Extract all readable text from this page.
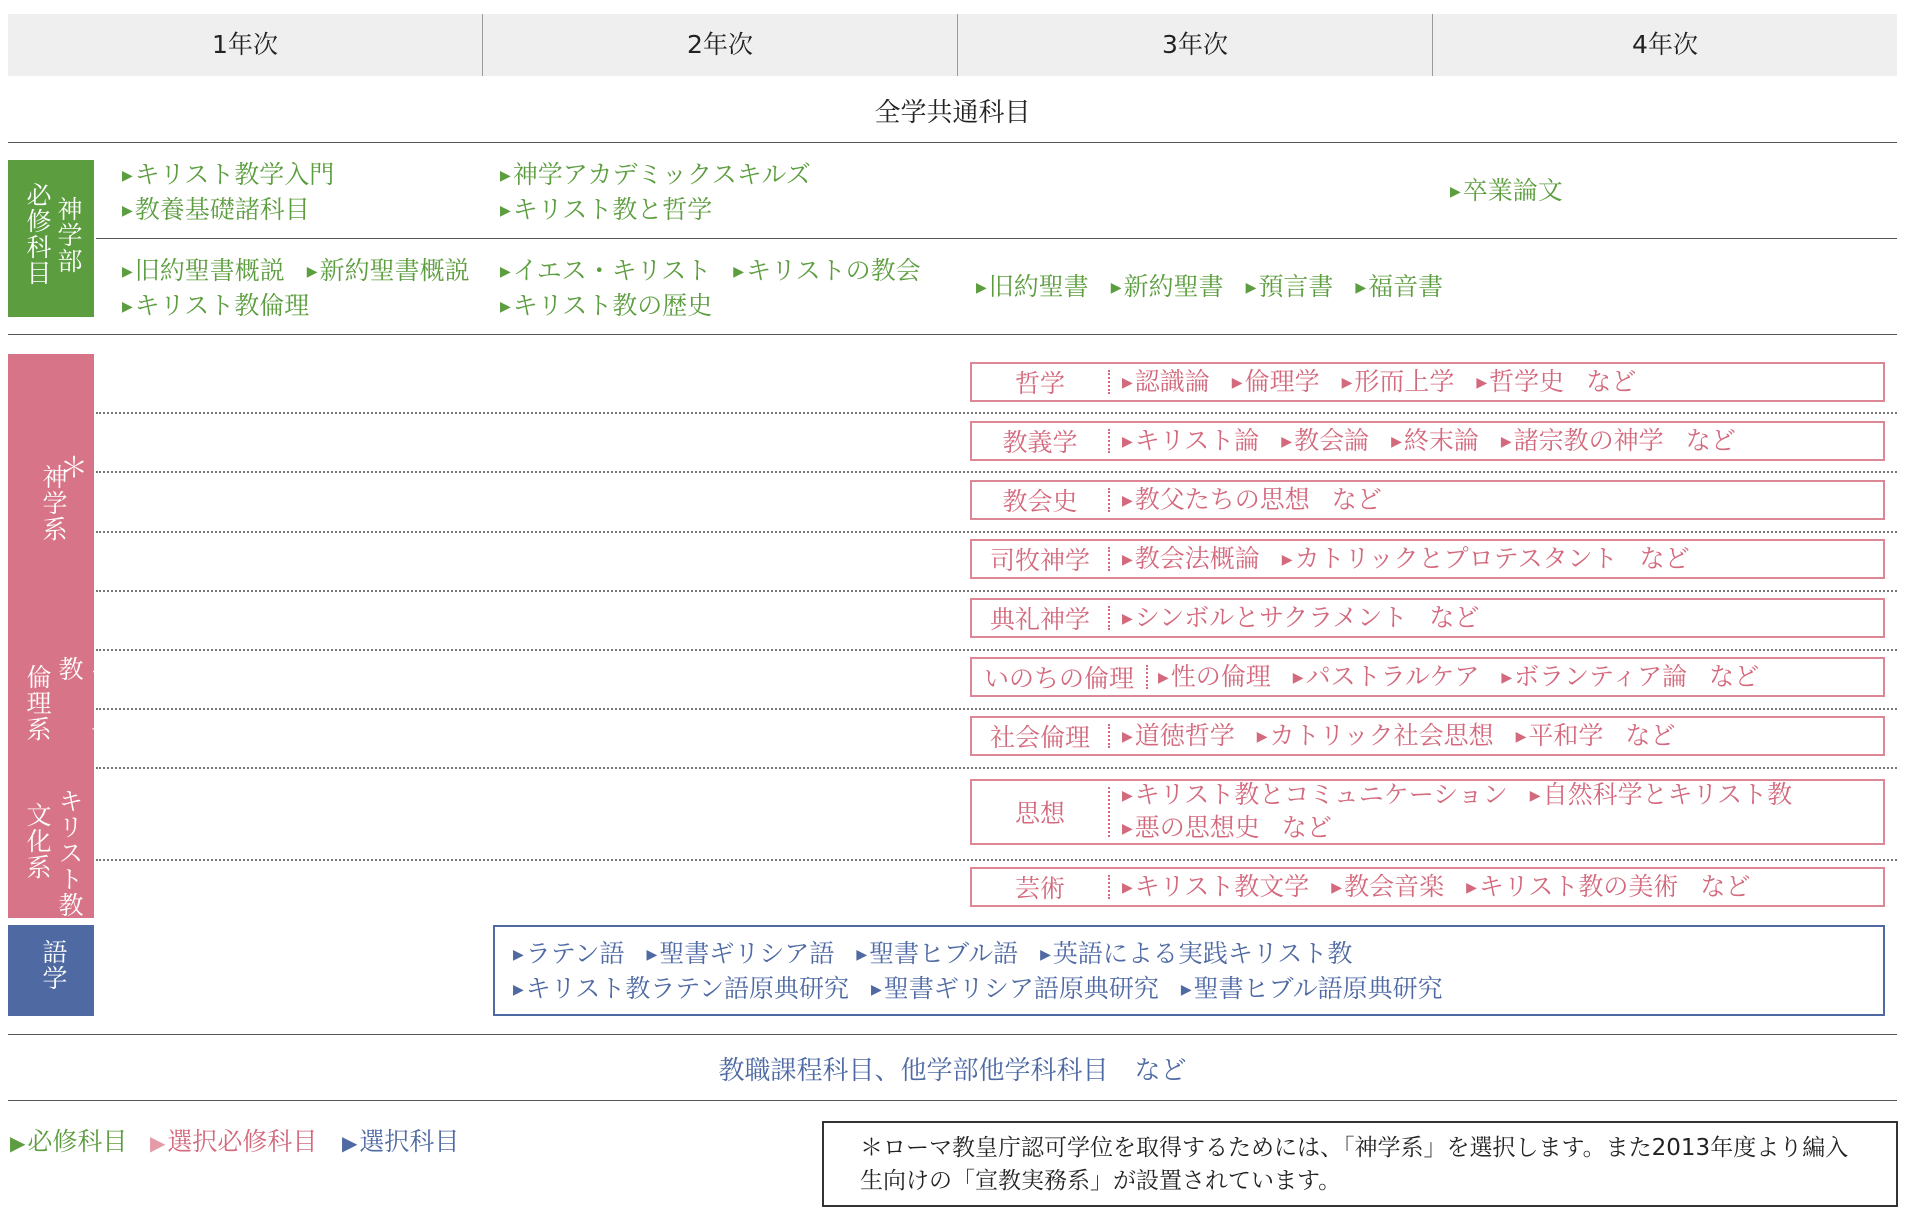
1年次	2年次	3年次	4年次
全学共通科目
必修科目 神学部
▶キリスト教学入門
▶教養基礎諸科目
▶神学アカデミックスキルズ
▶キリスト教と哲学
▶卒業論文
▶旧約聖書概説 ▶新約聖書概説
▶キリスト教倫理
▶イエス・キリスト ▶キリストの教会
▶キリスト教の歴史
▶旧約聖書 ▶新約聖書 ▶預言書 ▶福音書
＊
神学系
倫理系	キリスト教
文化系 キリスト教
哲学	▶認識論 ▶倫理学 ▶形而上学 ▶哲学史 など
教義学	▶キリスト論 ▶教会論 ▶終末論 ▶諸宗教の神学 など
教会史	▶教父たちの思想 など
司牧神学	▶教会法概論 ▶カトリックとプロテスタント など
典礼神学	▶シンボルとサクラメント など
いのちの倫理	▶性の倫理 ▶パストラルケア ▶ボランティア論 など
社会倫理	▶道徳哲学 ▶カトリック社会思想 ▶平和学 など
思想
▶キリスト教とコミュニケーション ▶自然科学とキリスト教
▶悪の思想史 など
芸術	▶キリスト教文学 ▶教会音楽 ▶キリスト教の美術 など
語学	▶ラテン語 ▶聖書ギリシア語 ▶聖書ヒブル語 ▶英語による実践キリスト教
▶キリスト教ラテン語原典研究 ▶聖書ギリシア語原典研究 ▶聖書ヒブル語原典研究
教職課程科目、他学部他学科科目　など
▶必修科目 ▶選択必修科目 ▶選択科目	＊ローマ教皇庁認可学位を取得するためには、「神学系」を選択します。また2013年度より編入
生向けの「宣教実務系」が設置されています。
